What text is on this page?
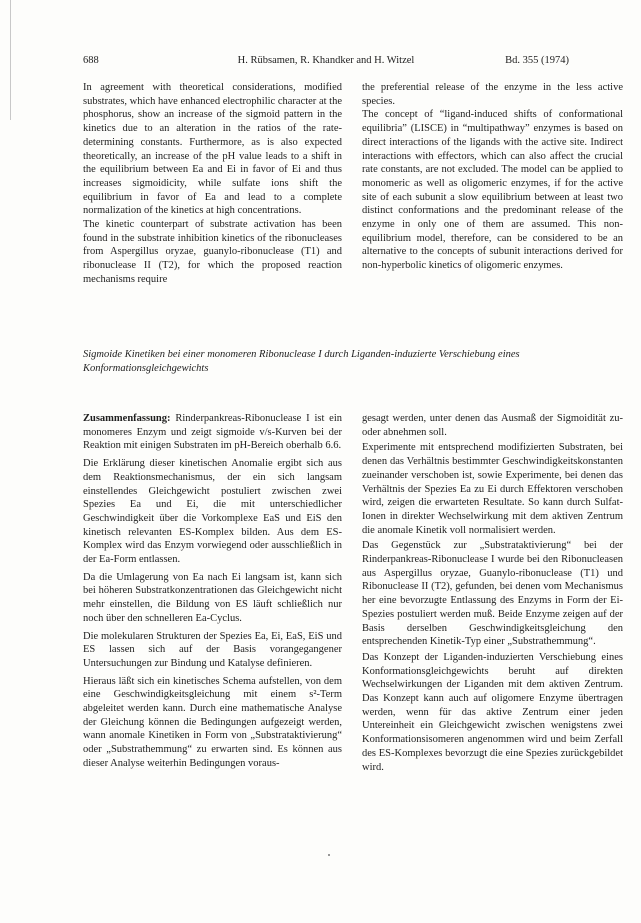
688	H. Rübsamen, R. Khandker and H. Witzel	Bd. 355 (1974)

In agreement with theoretical considerations, modified substrates, which have enhanced electrophilic character at the phosphorus, show an increase of the sigmoid pattern in the kinetics due to an alteration in the ratios of the rate-determining constants. Furthermore, as is also expected theoretically, an increase of the pH value leads to a shift in the equilibrium between Ea and Ei in favor of Ei and thus increases sigmoidicity, while sulfate ions shift the equilibrium in favor of Ea and lead to a complete normalization of the kinetics at high concentrations.

The kinetic counterpart of substrate activation has been found in the substrate inhibition kinetics of the ribonucleases from Aspergillus oryzae, guanylo-ribonuclease (T1) and ribonuclease II (T2), for which the proposed reaction mechanisms require

the preferential release of the enzyme in the less active species.

The concept of “ligand-induced shifts of conformational equilibria” (LISCE) in “multipathway” enzymes is based on direct interactions of the ligands with the active site. Indirect interactions with effectors, which can also affect the crucial rate constants, are not excluded. The model can be applied to monomeric as well as oligomeric enzymes, if for the active site of each subunit a slow equilibrium between at least two distinct conformations and the predominant release of the enzyme in only one of them are assumed. This non-equilibrium model, therefore, can be considered to be an alternative to the concepts of subunit interactions derived for non-hyperbolic kinetics of oligomeric enzymes.

Sigmoide Kinetiken bei einer monomeren Ribonuclease I durch Liganden-induzierte Verschiebung eines Konformationsgleichgewichts

Zusammenfassung: Rinderpankreas-Ribonuclease I ist ein monomeres Enzym und zeigt sigmoide v/s-Kurven bei der Reaktion mit einigen Substraten im pH-Bereich oberhalb 6.6.

Die Erklärung dieser kinetischen Anomalie ergibt sich aus dem Reaktionsmechanismus, der ein sich langsam einstellendes Gleichgewicht postuliert zwischen zwei Spezies Ea und Ei, die mit unterschiedlicher Geschwindigkeit über die Vorkomplexe EaS und EiS den kinetisch relevanten ES-Komplex bilden. Aus dem ES-Komplex wird das Enzym vorwiegend oder ausschließlich in der Ea-Form entlassen.

Da die Umlagerung von Ea nach Ei langsam ist, kann sich bei höheren Substratkonzentrationen das Gleichgewicht nicht mehr einstellen, die Bildung von ES läuft schließlich nur noch über den schnelleren Ea-Cyclus.

Die molekularen Strukturen der Spezies Ea, Ei, EaS, EiS und ES lassen sich auf der Basis vorangegangener Untersuchungen zur Bindung und Katalyse definieren.

Hieraus läßt sich ein kinetisches Schema aufstellen, von dem eine Geschwindigkeitsgleichung mit einem s²-Term abgeleitet werden kann. Durch eine mathematische Analyse der Gleichung können die Bedingungen aufgezeigt werden, wann anomale Kinetiken in Form von „Substrataktivierung“ oder „Substrathemmung“ zu erwarten sind. Es können aus dieser Analyse weiterhin Bedingungen voraus-

gesagt werden, unter denen das Ausmaß der Sigmoidität zu- oder abnehmen soll.

Experimente mit entsprechend modifizierten Substraten, bei denen das Verhältnis bestimmter Geschwindigkeitskonstanten zueinander verschoben ist, sowie Experimente, bei denen das Verhältnis der Spezies Ea zu Ei durch Effektoren verschoben wird, zeigen die erwarteten Resultate. So kann durch Sulfat-Ionen in direkter Wechselwirkung mit dem aktiven Zentrum die anomale Kinetik voll normalisiert werden.

Das Gegenstück zur „Substrataktivierung“ bei der Rinderpankreas-Ribonuclease I wurde bei den Ribonucleasen aus Aspergillus oryzae, Guanylo-ribonuclease (T1) und Ribonuclease II (T2), gefunden, bei denen vom Mechanismus her eine bevorzugte Entlassung des Enzyms in Form der Ei-Spezies postuliert werden muß. Beide Enzyme zeigen auf der Basis derselben Geschwindigkeitsgleichung den entsprechenden Kinetik-Typ einer „Substrathemmung“.

Das Konzept der Liganden-induzierten Verschiebung eines Konformationsgleichgewichts beruht auf direkten Wechselwirkungen der Liganden mit dem aktiven Zentrum. Das Konzept kann auch auf oligomere Enzyme übertragen werden, wenn für das aktive Zentrum einer jeden Untereinheit ein Gleichgewicht zwischen wenigstens zwei Konformationsisomeren angenommen wird und beim Zerfall des ES-Komplexes bevorzugt die eine Spezies zurückgebildet wird.
